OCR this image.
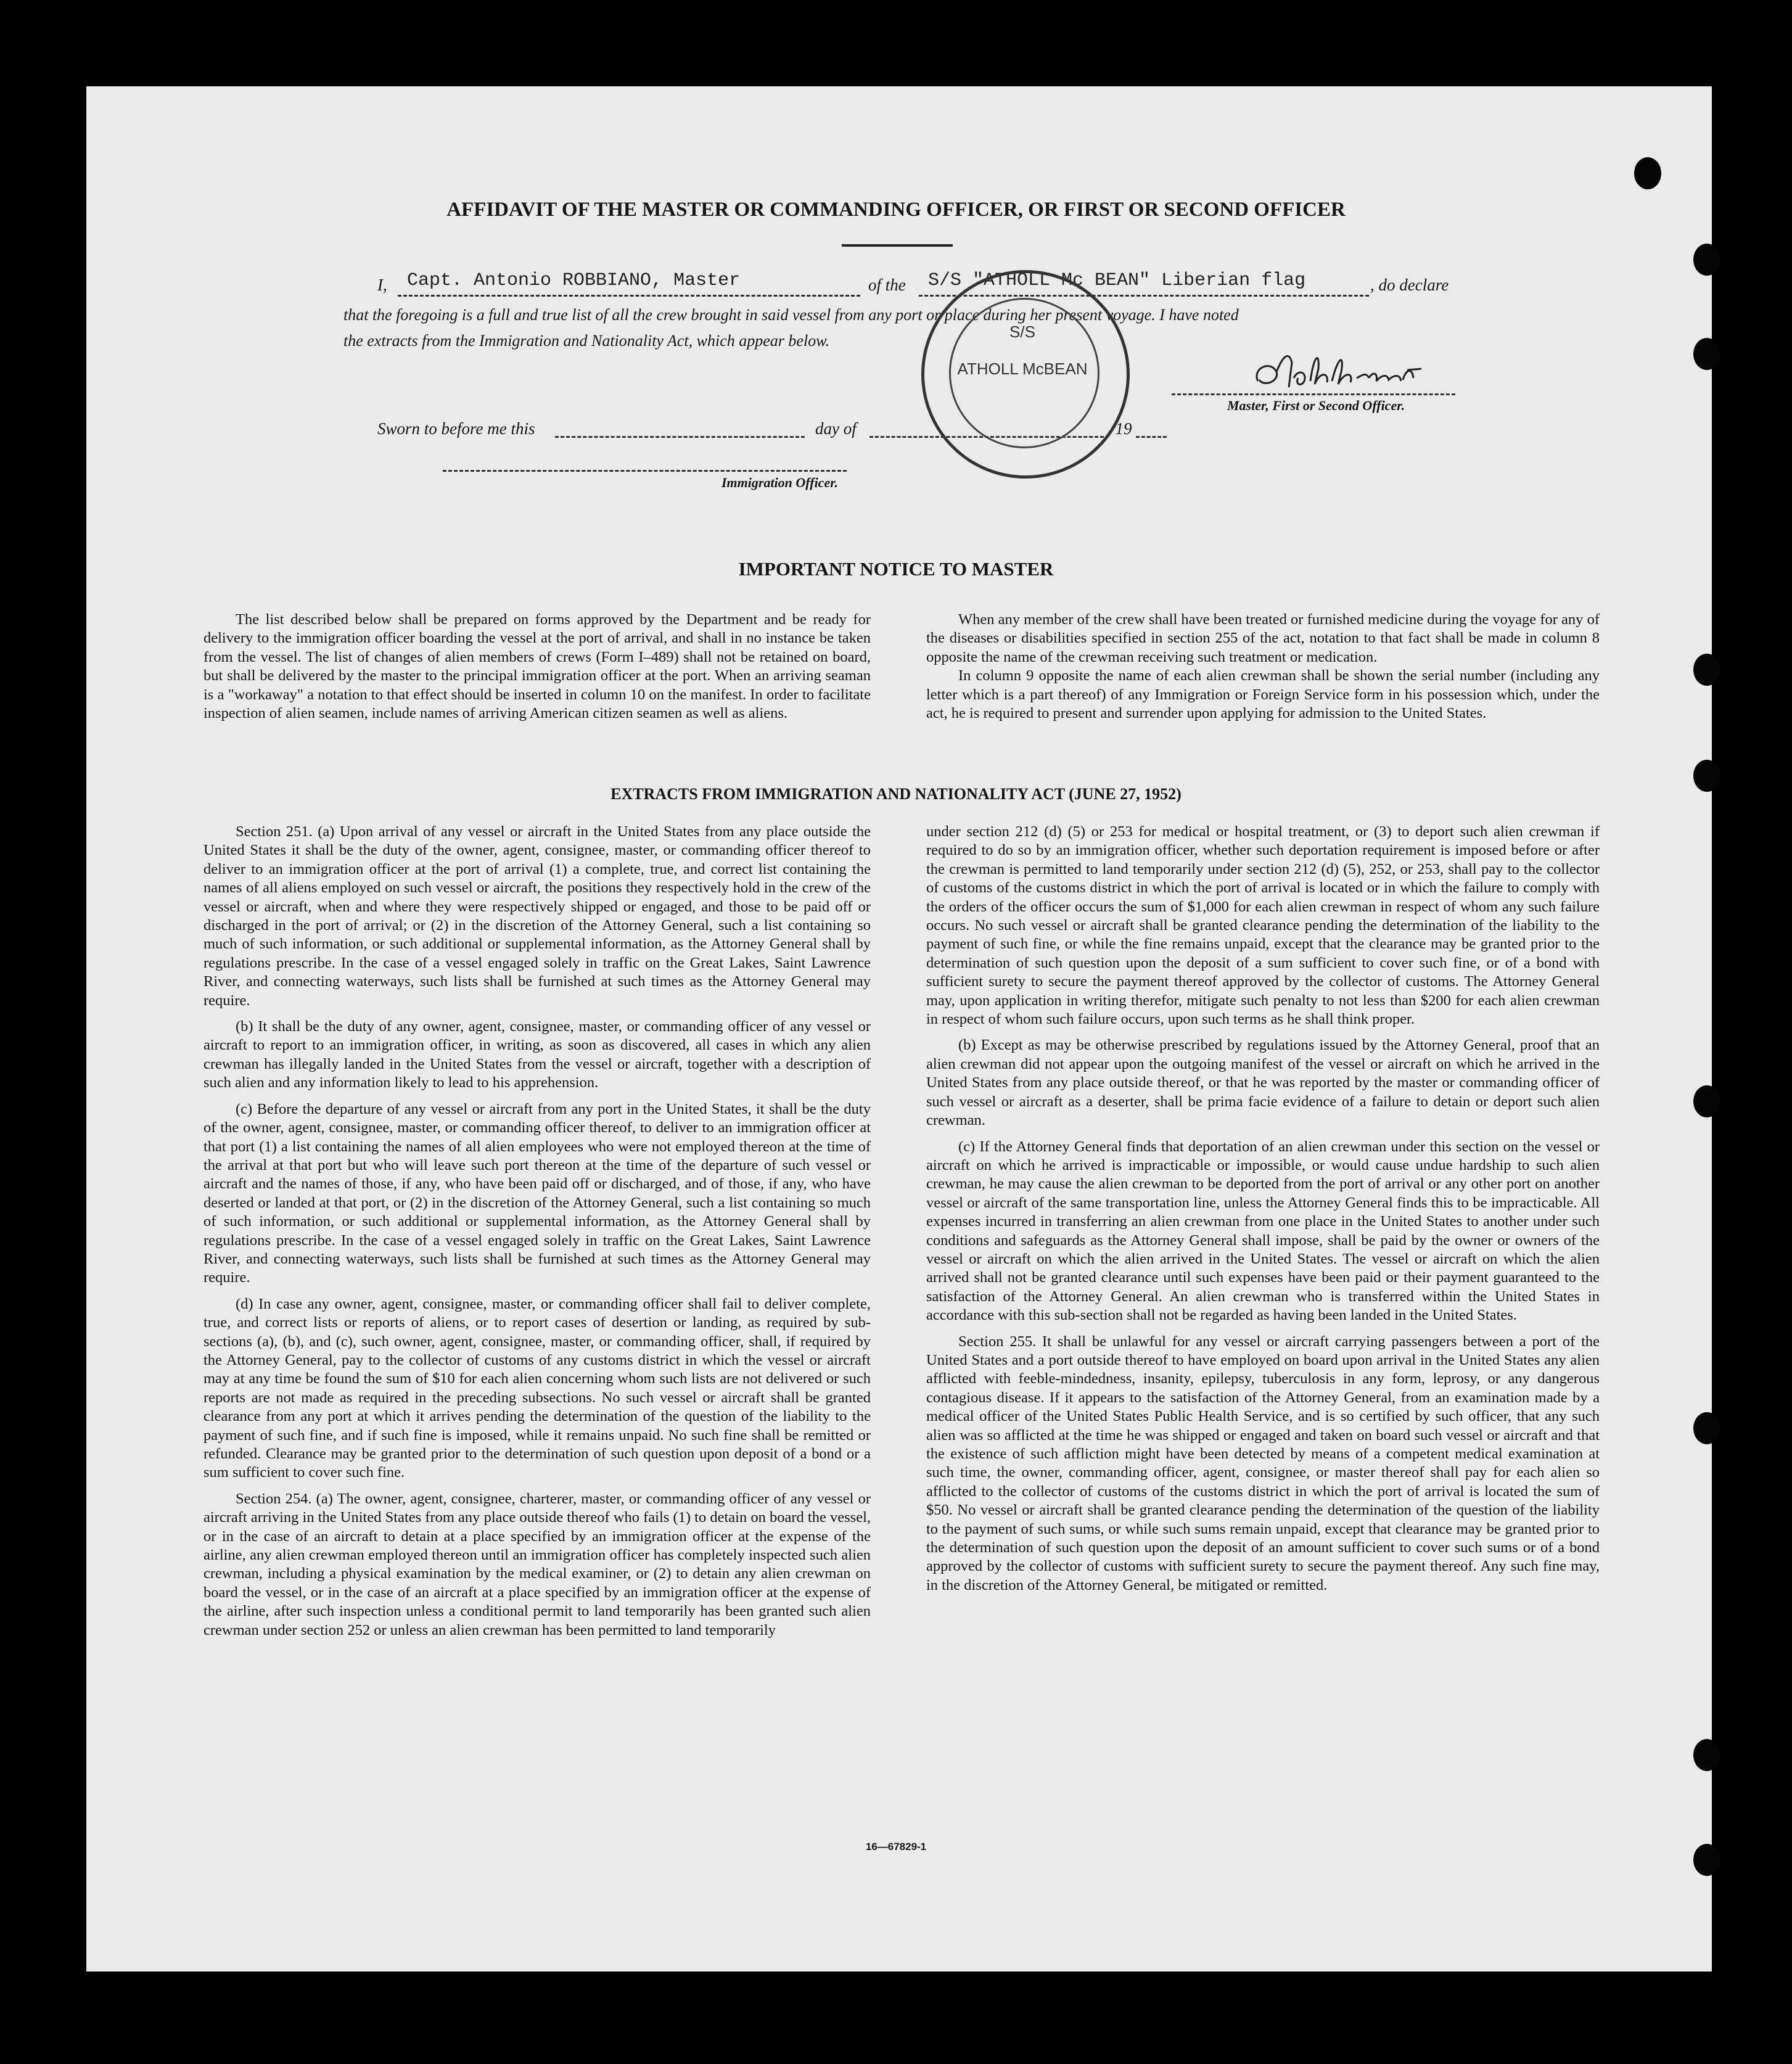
AFFIDAVIT OF THE MASTER OR COMMANDING OFFICER, OR FIRST OR SECOND OFFICER
I, Capt. Antonio ROBBIANO, Master	of the S/S "ATHOLL Mc BEAN" Liberian flag	, do declare
that the foregoing is a full and true list of all the crew brought in said vessel from any port or place during her present voyage. I have noted
the extracts from the Immigration and Nationality Act, which appear below.
Master, First or Second Officer.
Sworn to before me this	day of	, 19
Immigration Officer.
S/S
ATHOLL McBEAN
IMPORTANT NOTICE TO MASTER

The list described below shall be prepared on forms approved by the Department and be ready for delivery to the immigration officer boarding the vessel at the port of arrival, and shall in no instance be taken from the vessel. The list of changes of alien members of crews (Form I–489) shall not be retained on board, but shall be delivered by the master to the principal immigration officer at the port. When an arriving seaman is a "workaway" a notation to that effect should be inserted in column 10 on the manifest. In order to facilitate inspection of alien seamen, include names of arriving American citizen seamen as well as aliens.

When any member of the crew shall have been treated or furnished medicine during the voyage for any of the diseases or disabilities specified in section 255 of the act, notation to that fact shall be made in column 8 opposite the name of the crewman receiving such treatment or medication.

In column 9 opposite the name of each alien crewman shall be shown the serial number (including any letter which is a part thereof) of any Immigration or Foreign Service form in his possession which, under the act, he is required to present and surrender upon applying for admission to the United States.

EXTRACTS FROM IMMIGRATION AND NATIONALITY ACT (JUNE 27, 1952)

Section 251. (a) Upon arrival of any vessel or aircraft in the United States from any place outside the United States it shall be the duty of the owner, agent, consignee, master, or commanding officer thereof to deliver to an immigration officer at the port of arrival (1) a complete, true, and correct list containing the names of all aliens employed on such vessel or aircraft, the positions they respectively hold in the crew of the vessel or aircraft, when and where they were respectively shipped or engaged, and those to be paid off or discharged in the port of arrival; or (2) in the discretion of the Attorney General, such a list containing so much of such information, or such additional or supplemental information, as the Attorney General shall by regulations prescribe. In the case of a vessel engaged solely in traffic on the Great Lakes, Saint Lawrence River, and connecting waterways, such lists shall be furnished at such times as the Attorney General may require.

(b) It shall be the duty of any owner, agent, consignee, master, or commanding officer of any vessel or aircraft to report to an immigration officer, in writing, as soon as discovered, all cases in which any alien crewman has illegally landed in the United States from the vessel or aircraft, together with a description of such alien and any information likely to lead to his apprehension.

(c) Before the departure of any vessel or aircraft from any port in the United States, it shall be the duty of the owner, agent, consignee, master, or commanding officer thereof, to deliver to an immigration officer at that port (1) a list containing the names of all alien employees who were not employed thereon at the time of the arrival at that port but who will leave such port thereon at the time of the departure of such vessel or aircraft and the names of those, if any, who have been paid off or discharged, and of those, if any, who have deserted or landed at that port, or (2) in the discretion of the Attorney General, such a list containing so much of such information, or such additional or supplemental information, as the Attorney General shall by regulations prescribe. In the case of a vessel engaged solely in traffic on the Great Lakes, Saint Lawrence River, and connecting waterways, such lists shall be furnished at such times as the Attorney General may require.

(d) In case any owner, agent, consignee, master, or commanding officer shall fail to deliver complete, true, and correct lists or reports of aliens, or to report cases of desertion or landing, as required by sub-sections (a), (b), and (c), such owner, agent, consignee, master, or commanding officer, shall, if required by the Attorney General, pay to the collector of customs of any customs district in which the vessel or aircraft may at any time be found the sum of $10 for each alien concerning whom such lists are not delivered or such reports are not made as required in the preceding subsections. No such vessel or aircraft shall be granted clearance from any port at which it arrives pending the determination of the question of the liability to the payment of such fine, and if such fine is imposed, while it remains unpaid. No such fine shall be remitted or refunded. Clearance may be granted prior to the determination of such question upon deposit of a bond or a sum sufficient to cover such fine.

Section 254. (a) The owner, agent, consignee, charterer, master, or commanding officer of any vessel or aircraft arriving in the United States from any place outside thereof who fails (1) to detain on board the vessel, or in the case of an aircraft to detain at a place specified by an immigration officer at the expense of the airline, any alien crewman employed thereon until an immigration officer has completely inspected such alien crewman, including a physical examination by the medical examiner, or (2) to detain any alien crewman on board the vessel, or in the case of an aircraft at a place specified by an immigration officer at the expense of the airline, after such inspection unless a conditional permit to land temporarily has been granted such alien crewman under section 252 or unless an alien crewman has been permitted to land temporarily

under section 212 (d) (5) or 253 for medical or hospital treatment, or (3) to deport such alien crewman if required to do so by an immigration officer, whether such deportation requirement is imposed before or after the crewman is permitted to land temporarily under section 212 (d) (5), 252, or 253, shall pay to the collector of customs of the customs district in which the port of arrival is located or in which the failure to comply with the orders of the officer occurs the sum of $1,000 for each alien crewman in respect of whom any such failure occurs. No such vessel or aircraft shall be granted clearance pending the determination of the liability to the payment of such fine, or while the fine remains unpaid, except that the clearance may be granted prior to the determination of such question upon the deposit of a sum sufficient to cover such fine, or of a bond with sufficient surety to secure the payment thereof approved by the collector of customs. The Attorney General may, upon application in writing therefor, mitigate such penalty to not less than $200 for each alien crewman in respect of whom such failure occurs, upon such terms as he shall think proper.

(b) Except as may be otherwise prescribed by regulations issued by the Attorney General, proof that an alien crewman did not appear upon the outgoing manifest of the vessel or aircraft on which he arrived in the United States from any place outside thereof, or that he was reported by the master or commanding officer of such vessel or aircraft as a deserter, shall be prima facie evidence of a failure to detain or deport such alien crewman.

(c) If the Attorney General finds that deportation of an alien crewman under this section on the vessel or aircraft on which he arrived is impracticable or impossible, or would cause undue hardship to such alien crewman, he may cause the alien crewman to be deported from the port of arrival or any other port on another vessel or aircraft of the same transportation line, unless the Attorney General finds this to be impracticable. All expenses incurred in transferring an alien crewman from one place in the United States to another under such conditions and safeguards as the Attorney General shall impose, shall be paid by the owner or owners of the vessel or aircraft on which the alien arrived in the United States. The vessel or aircraft on which the alien arrived shall not be granted clearance until such expenses have been paid or their payment guaranteed to the satisfaction of the Attorney General. An alien crewman who is transferred within the United States in accordance with this sub-section shall not be regarded as having been landed in the United States.

Section 255. It shall be unlawful for any vessel or aircraft carrying passengers between a port of the United States and a port outside thereof to have employed on board upon arrival in the United States any alien afflicted with feeble-mindedness, insanity, epilepsy, tuberculosis in any form, leprosy, or any dangerous contagious disease. If it appears to the satisfaction of the Attorney General, from an examination made by a medical officer of the United States Public Health Service, and is so certified by such officer, that any such alien was so afflicted at the time he was shipped or engaged and taken on board such vessel or aircraft and that the existence of such affliction might have been detected by means of a competent medical examination at such time, the owner, commanding officer, agent, consignee, or master thereof shall pay for each alien so afflicted to the collector of customs of the customs district in which the port of arrival is located the sum of $50. No vessel or aircraft shall be granted clearance pending the determination of the question of the liability to the payment of such sums, or while such sums remain unpaid, except that clearance may be granted prior to the determination of such question upon the deposit of an amount sufficient to cover such sums or of a bond approved by the collector of customs with sufficient surety to secure the payment thereof. Any such fine may, in the discretion of the Attorney General, be mitigated or remitted.

16—67829-1
